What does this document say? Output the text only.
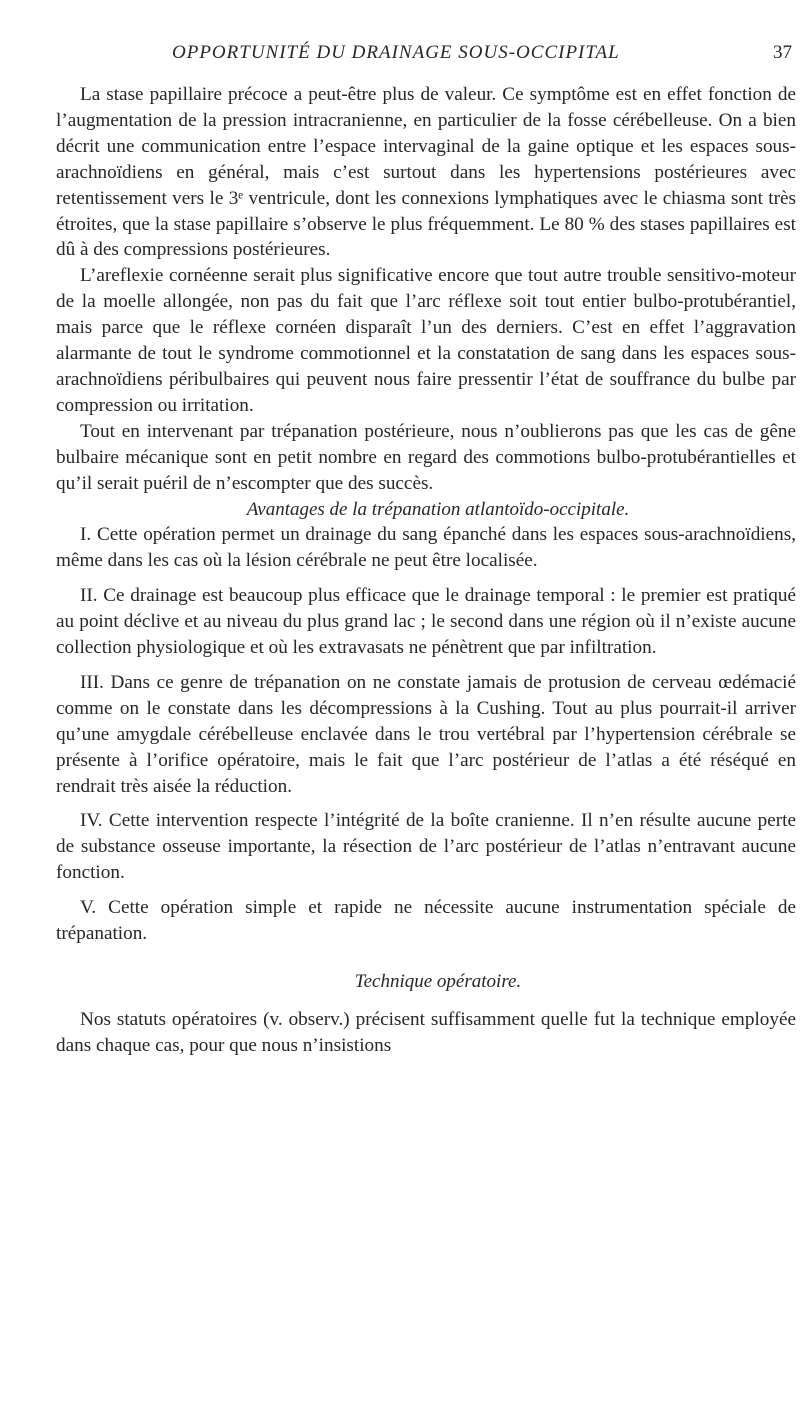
OPPORTUNITÉ DU DRAINAGE SOUS-OCCIPITAL	37

La stase papillaire précoce a peut-être plus de valeur. Ce symptôme est en effet fonction de l’augmentation de la pression intracranienne, en particulier de la fosse cérébelleuse. On a bien décrit une communication entre l’espace intervaginal de la gaine optique et les espaces sous-arachnoïdiens en général, mais c’est surtout dans les hypertensions postérieures avec retentissement vers le 3ᵉ ventricule, dont les connexions lymphatiques avec le chiasma sont très étroites, que la stase papillaire s’observe le plus fréquemment. Le 80 % des stases papillaires est dû à des compressions postérieures.

L’areflexie cornéenne serait plus significative encore que tout autre trouble sensitivo-moteur de la moelle allongée, non pas du fait que l’arc réflexe soit tout entier bulbo-protubérantiel, mais parce que le réflexe cornéen disparaît l’un des derniers. C’est en effet l’aggravation alarmante de tout le syndrome commotionnel et la constatation de sang dans les espaces sous-arachnoïdiens péribulbaires qui peuvent nous faire pressentir l’état de souffrance du bulbe par compression ou irritation.

Tout en intervenant par trépanation postérieure, nous n’oublierons pas que les cas de gêne bulbaire mécanique sont en petit nombre en regard des commotions bulbo-protubérantielles et qu’il serait puéril de n’escompter que des succès.

Avantages de la trépanation atlantoïdo-occipitale.

I. Cette opération permet un drainage du sang épanché dans les espaces sous-arachnoïdiens, même dans les cas où la lésion cérébrale ne peut être localisée.

II. Ce drainage est beaucoup plus efficace que le drainage temporal : le premier est pratiqué au point déclive et au niveau du plus grand lac ; le second dans une région où il n’existe aucune collection physiologique et où les extravasats ne pénètrent que par infiltration.

III. Dans ce genre de trépanation on ne constate jamais de protusion de cerveau œdémacié comme on le constate dans les décompressions à la Cushing. Tout au plus pourrait-il arriver qu’une amygdale cérébelleuse enclavée dans le trou vertébral par l’hypertension cérébrale se présente à l’orifice opératoire, mais le fait que l’arc postérieur de l’atlas a été réséqué en rendrait très aisée la réduction.

IV. Cette intervention respecte l’intégrité de la boîte cranienne. Il n’en résulte aucune perte de substance osseuse importante, la résection de l’arc postérieur de l’atlas n’entravant aucune fonction.

V. Cette opération simple et rapide ne nécessite aucune instrumentation spéciale de trépanation.

Technique opératoire.

Nos statuts opératoires (v. observ.) précisent suffisamment quelle fut la technique employée dans chaque cas, pour que nous n’insistions
